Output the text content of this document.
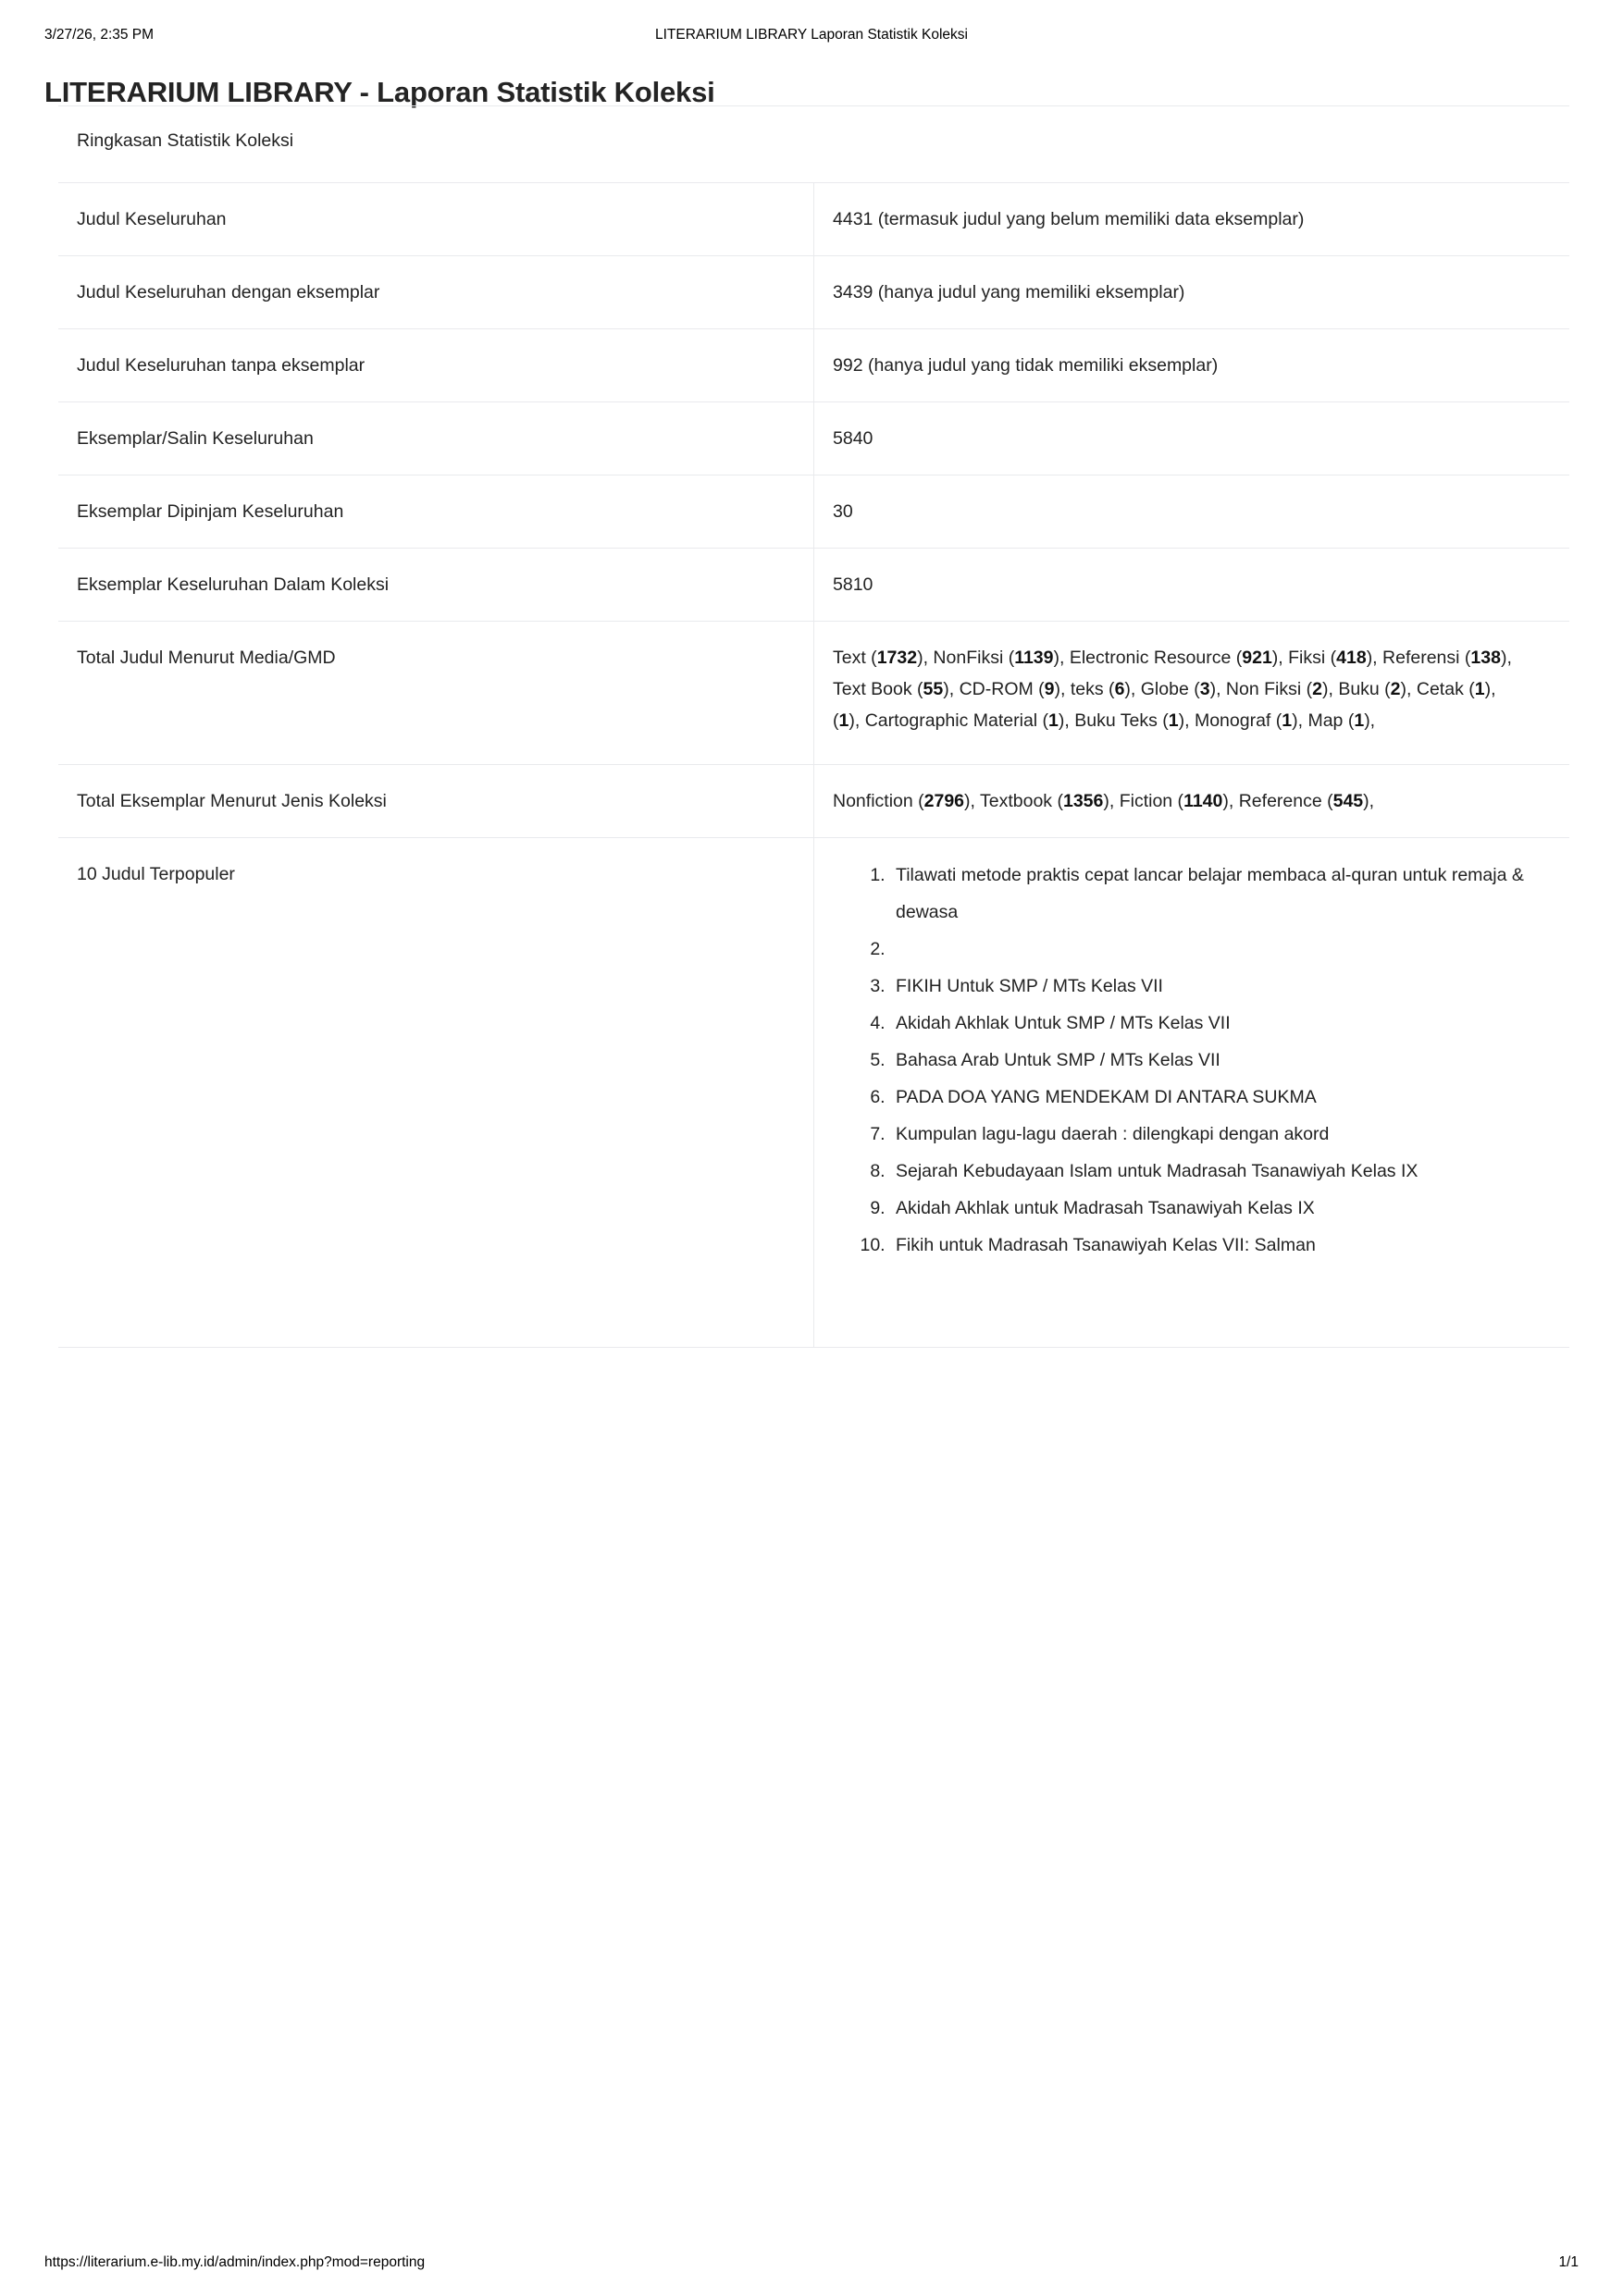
3/27/26, 2:35 PM	LITERARIUM LIBRARY Laporan Statistik Koleksi
LITERARIUM LIBRARY - Laporan Statistik Koleksi
Ringkasan Statistik Koleksi	
Judul Keseluruhan	4431 (termasuk judul yang belum memiliki data eksemplar)
Judul Keseluruhan dengan eksemplar	3439 (hanya judul yang memiliki eksemplar)
Judul Keseluruhan tanpa eksemplar	992 (hanya judul yang tidak memiliki eksemplar)
Eksemplar/Salin Keseluruhan	5840
Eksemplar Dipinjam Keseluruhan	30
Eksemplar Keseluruhan Dalam Koleksi	5810
Total Judul Menurut Media/GMD	Text (1732), NonFiksi (1139), Electronic Resource (921), Fiksi (418), Referensi (138), Text Book (55), CD-ROM (9), teks (6), Globe (3), Non Fiksi (2), Buku (2), Cetak (1), (1), Cartographic Material (1), Buku Teks (1), Monograf (1), Map (1),
Total Eksemplar Menurut Jenis Koleksi	Nonfiction (2796), Textbook (1356), Fiction (1140), Reference (545),
10 Judul Terpopuler	
1.Tilawati metode praktis cepat lancar belajar membaca al-quran untuk remaja & dewasa
2.
3. FIKIH Untuk SMP / MTs Kelas VII
4. Akidah Akhlak Untuk SMP / MTs Kelas VII
5. Bahasa Arab Untuk SMP / MTs Kelas VII
6. PADA DOA YANG MENDEKAM DI ANTARA SUKMA
7. Kumpulan lagu-lagu daerah : dilengkapi dengan akord
8. Sejarah Kebudayaan Islam untuk Madrasah Tsanawiyah Kelas IX
9. Akidah Akhlak untuk Madrasah Tsanawiyah Kelas IX
10. Fikih untuk Madrasah Tsanawiyah Kelas VII: Salman
https://literarium.e-lib.my.id/admin/index.php?mod=reporting	1/1
